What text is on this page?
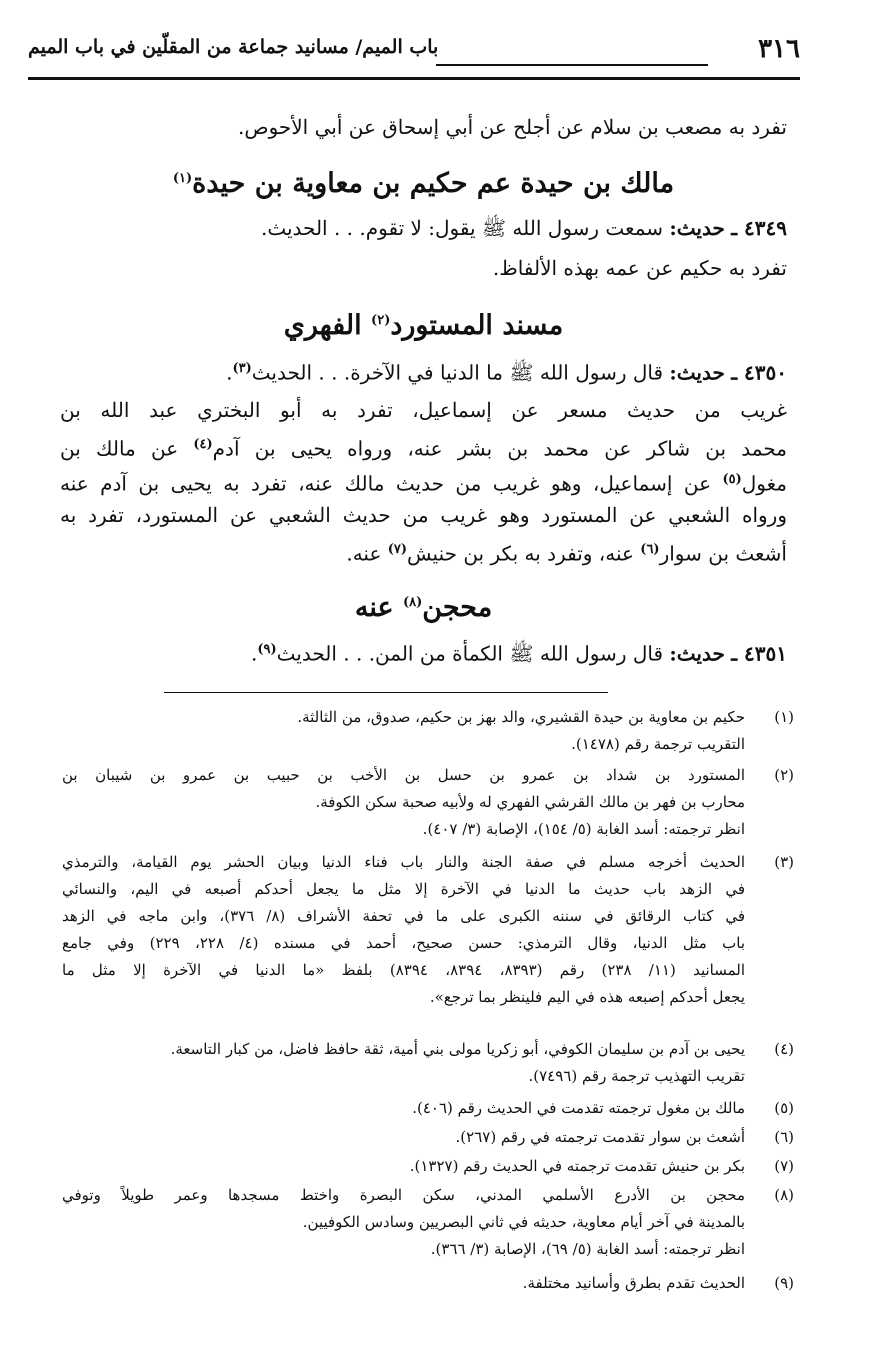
٣١٦
باب الميم/ مسانيد جماعة من المقلّين في باب الميم
تفرد به مصعب بن سلام عن أجلح عن أبي إسحاق عن أبي الأحوص.
مالك بن حيدة عم حكيم بن معاوية بن حيدة$^{(١)}$
٤٣٤٩ ـ حديث: سمعت رسول الله ﷺ يقول: لا تقوم. . . الحديث.
تفرد به حكيم عن عمه بهذه الألفاظ.
مسند المستورد$^{(٢)}$ الفهري
٤٣٥٠ ـ حديث: قال رسول الله ﷺ ما الدنيا في الآخرة. . . الحديث$^{(٣)}$.
غريب من حديث مسعر عن إسماعيل، تفرد به أبو البختري عبد الله بن
محمد بن شاكر عن محمد بن بشر عنه، ورواه يحيى بن آدم$^{(٤)}$ عن مالك بن
مغول$^{(٥)}$ عن إسماعيل، وهو غريب من حديث مالك عنه، تفرد به يحيى بن آدم عنه
ورواه الشعبي عن المستورد وهو غريب من حديث الشعبي عن المستورد، تفرد به
أشعث بن سوار$^{(٦)}$ عنه، وتفرد به بكر بن حنيش$^{(٧)}$ عنه.
محجن$^{(٨)}$ عنه
٤٣٥١ ـ حديث: قال رسول الله ﷺ الكمأة من المن. . . الحديث$^{(٩)}$.
(١)
حكيم بن معاوية بن حيدة القشيري، والد بهز بن حكيم، صدوق، من الثالثة.
التقريب ترجمة رقم (١٤٧٨).
(٢)
المستورد بن شداد بن عمرو بن حسل بن الأخب بن حبيب بن عمرو بن شيبان بن
محارب بن فهر بن مالك القرشي الفهري له ولأبيه صحبة سكن الكوفة.
انظر ترجمته: أسد الغابة (٥/ ١٥٤)، الإصابة (٣/ ٤٠٧).
(٣)
الحديث أخرجه مسلم في صفة الجنة والنار باب فناء الدنيا وبيان الحشر يوم القيامة، والترمذي
في الزهد باب حديث ما الدنيا في الآخرة إلا مثل ما يجعل أحدكم أصبعه في اليم، والنسائي
في كتاب الرقائق في سننه الكبرى على ما في تحفة الأشراف (٨/ ٣٧٦)، وابن ماجه في الزهد
باب مثل الدنيا، وقال الترمذي: حسن صحيح، أحمد في مسنده (٤/ ٢٢٨، ٢٢٩) وفي جامع
المسانيد (١١/ ٢٣٨) رقم (٨٣٩٣، ٨٣٩٤، ٨٣٩٤) بلفظ «ما الدنيا في الآخرة إلا مثل ما
يجعل أحدكم إصبعه هذه في اليم فلينظر بما ترجع».
(٤)
يحيى بن آدم بن سليمان الكوفي، أبو زكريا مولى بني أمية، ثقة حافظ فاضل، من كبار التاسعة.
تقريب التهذيب ترجمة رقم (٧٤٩٦).
(٥)
مالك بن مغول ترجمته تقدمت في الحديث رقم (٤٠٦).
(٦)
أشعث بن سوار تقدمت ترجمته في رقم (٢٦٧).
(٧)
بكر بن حنيش تقدمت ترجمته في الحديث رقم (١٣٢٧).
(٨)
محجن بن الأدرع الأسلمي المدني، سكن البصرة واختط مسجدها وعمر طويلاً وتوفي
بالمدينة في آخر أيام معاوية، حديثه في ثاني البصريين وسادس الكوفيين.
انظر ترجمته: أسد الغابة (٥/ ٦٩)، الإصابة (٣/ ٣٦٦).
(٩)
الحديث تقدم بطرق وأسانيد مختلفة.
